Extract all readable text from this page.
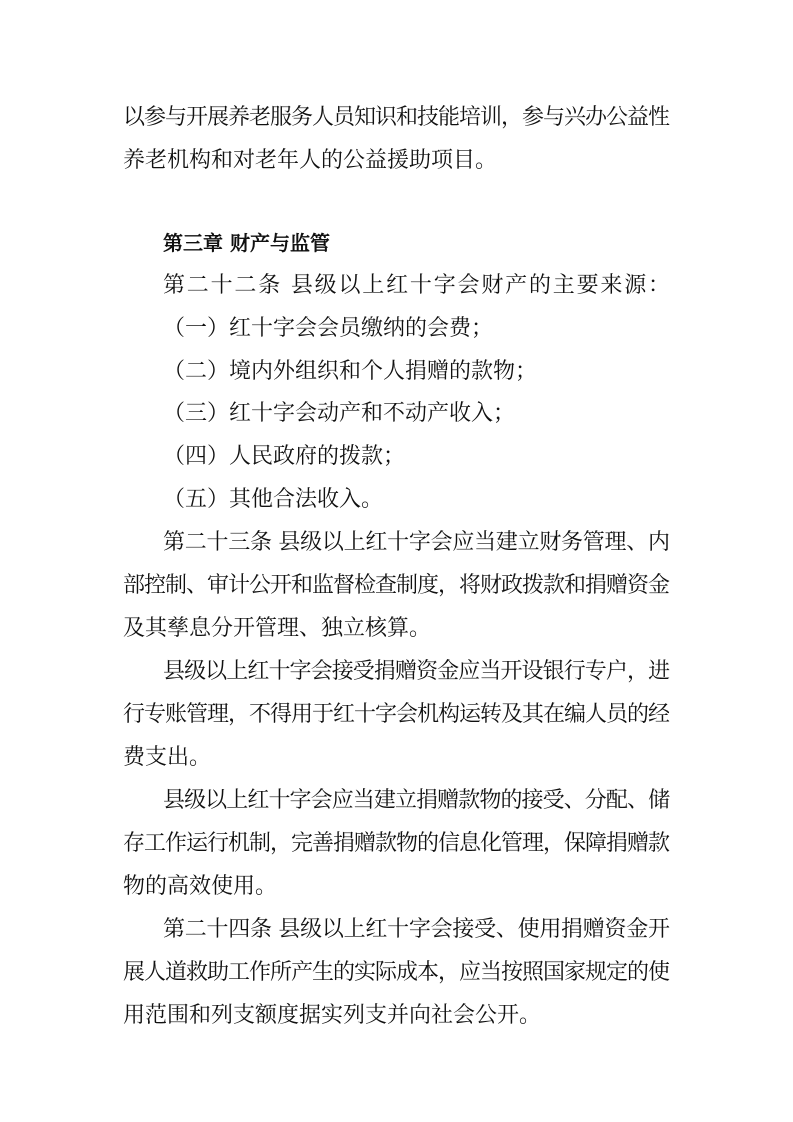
以参与开展养老服务人员知识和技能培训，参与兴办公益性
养老机构和对老年人的公益援助项目。
第三章 财产与监管
第二十二条 县级以上红十字会财产的主要来源：
（一）红十字会会员缴纳的会费；
（二）境内外组织和个人捐赠的款物；
（三）红十字会动产和不动产收入；
（四）人民政府的拨款；
（五）其他合法收入。
第二十三条 县级以上红十字会应当建立财务管理、内
部控制、审计公开和监督检查制度，将财政拨款和捐赠资金
及其孳息分开管理、独立核算。
县级以上红十字会接受捐赠资金应当开设银行专户，进
行专账管理，不得用于红十字会机构运转及其在编人员的经
费支出。
县级以上红十字会应当建立捐赠款物的接受、分配、储
存工作运行机制，完善捐赠款物的信息化管理，保障捐赠款
物的高效使用。
第二十四条 县级以上红十字会接受、使用捐赠资金开
展人道救助工作所产生的实际成本，应当按照国家规定的使
用范围和列支额度据实列支并向社会公开。
